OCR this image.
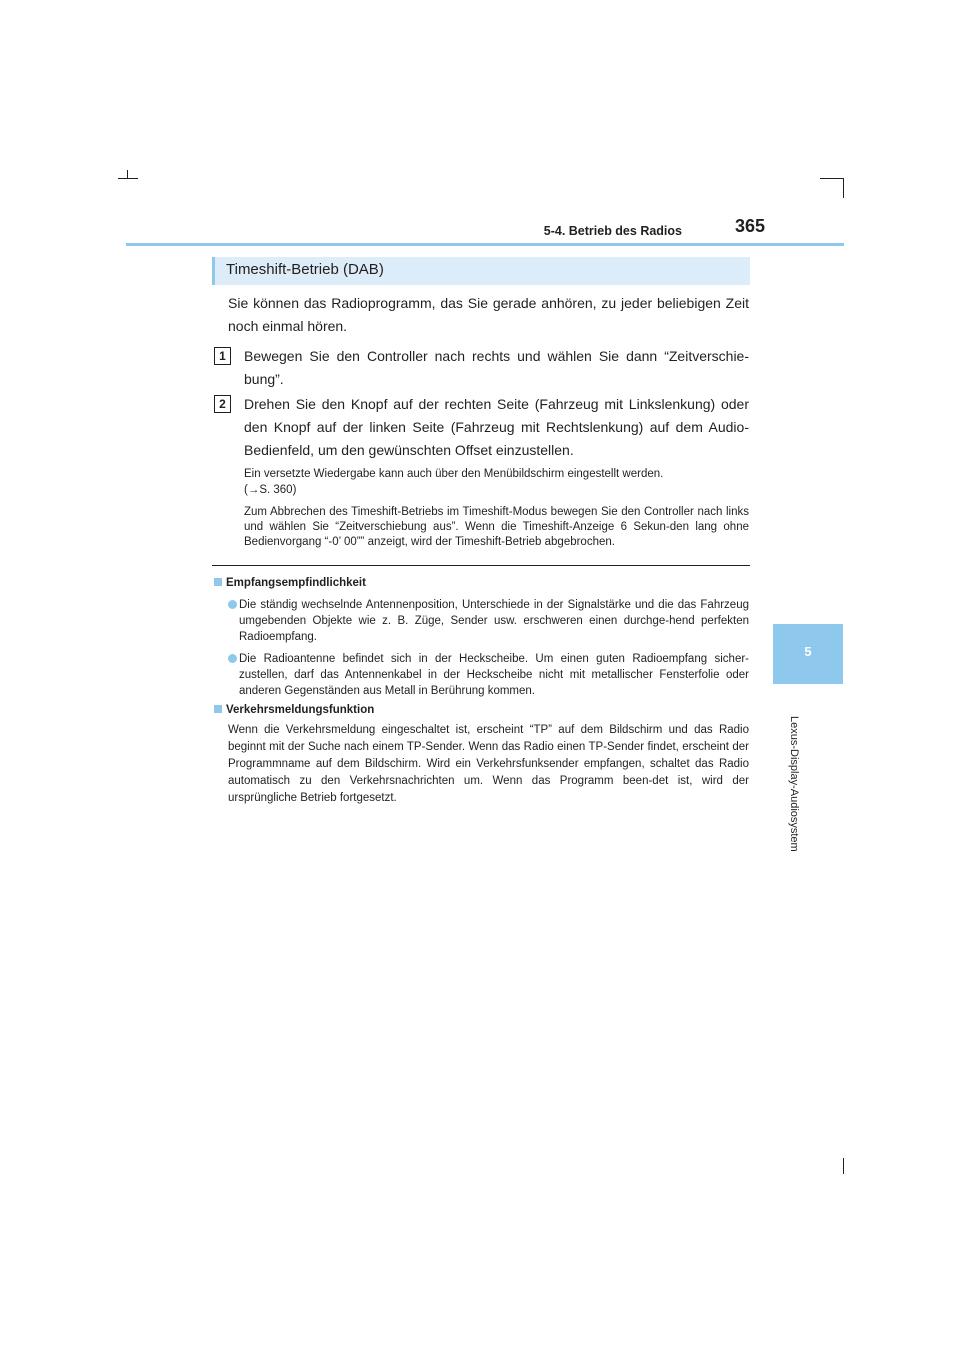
5-4. Betrieb des Radios	365
5
Lexus-Display-Audiosystem
Timeshift-Betrieb (DAB)
Sie können das Radioprogramm, das Sie gerade anhören, zu jeder beliebigen Zeit noch einmal hören.
1	Bewegen Sie den Controller nach rechts und wählen Sie dann “Zeitverschie-bung”.
2	Drehen Sie den Knopf auf der rechten Seite (Fahrzeug mit Linkslenkung) oder den Knopf auf der linken Seite (Fahrzeug mit Rechtslenkung) auf dem Audio-Bedienfeld, um den gewünschten Offset einzustellen.
Ein versetzte Wiedergabe kann auch über den Menübildschirm eingestellt werden.
(→S. 360)
Zum Abbrechen des Timeshift-Betriebs im Timeshift-Modus bewegen Sie den Controller nach links und wählen Sie “Zeitverschiebung aus”. Wenn die Timeshift-Anzeige 6 Sekun-den lang ohne Bedienvorgang “-0’ 00”” anzeigt, wird der Timeshift-Betrieb abgebrochen.
Empfangsempfindlichkeit
Die ständig wechselnde Antennenposition, Unterschiede in der Signalstärke und die das Fahrzeug umgebenden Objekte wie z. B. Züge, Sender usw. erschweren einen durchge-hend perfekten Radioempfang.
Die Radioantenne befindet sich in der Heckscheibe. Um einen guten Radioempfang sicher-zustellen, darf das Antennenkabel in der Heckscheibe nicht mit metallischer Fensterfolie oder anderen Gegenständen aus Metall in Berührung kommen.
Verkehrsmeldungsfunktion
Wenn die Verkehrsmeldung eingeschaltet ist, erscheint “TP” auf dem Bildschirm und das Radio beginnt mit der Suche nach einem TP-Sender. Wenn das Radio einen TP-Sender findet, erscheint der Programmname auf dem Bildschirm. Wird ein Verkehrsfunksender empfangen, schaltet das Radio automatisch zu den Verkehrsnachrichten um. Wenn das Programm been-det ist, wird der ursprüngliche Betrieb fortgesetzt.
